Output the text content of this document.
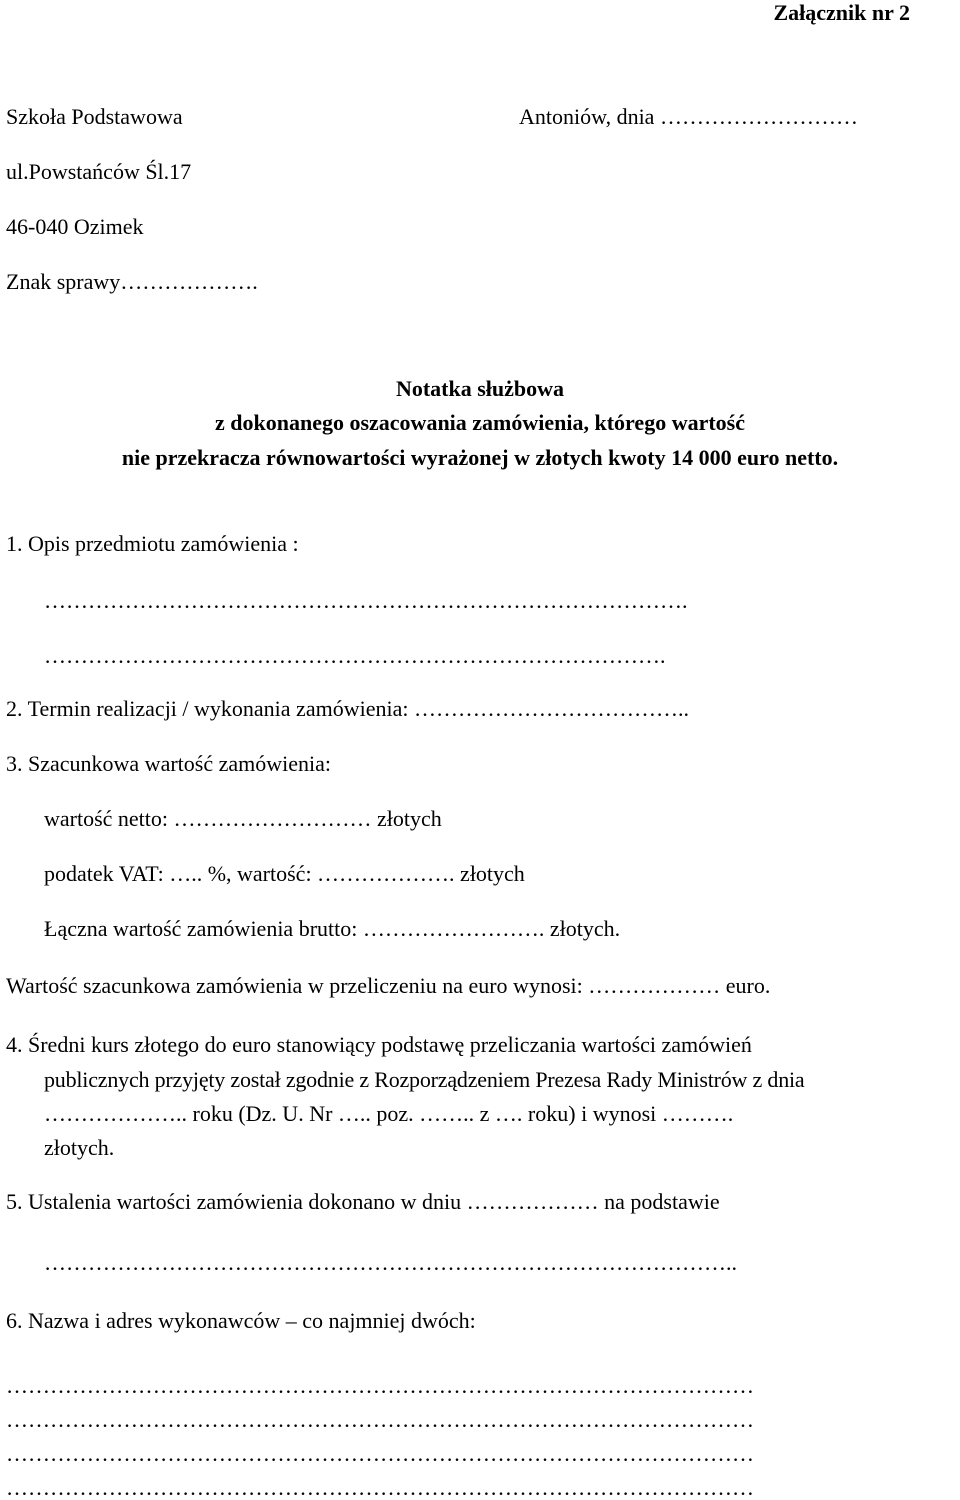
Załącznik nr 2
Szkoła Podstawowa	Antoniów, dnia ………………………
ul.Powstańców Śl.17
46-040 Ozimek
Znak sprawy……………….
Notatka służbowa
z dokonanego oszacowania zamówienia, którego wartość
nie przekracza równowartości wyrażonej w złotych kwoty 14 000 euro netto.
1. Opis przedmiotu zamówienia :
…………………………………………………………………………….
………………………………………………………………………….
2. Termin realizacji / wykonania zamówienia: ………………………………..
3. Szacunkowa wartość zamówienia:
wartość netto: ……………………… złotych
podatek VAT: ….. %, wartość: ………………. złotych
Łączna wartość zamówienia brutto: ……………………. złotych.
Wartość szacunkowa zamówienia w przeliczeniu na euro wynosi: ……………… euro.
4. Średni kurs złotego do euro stanowiący podstawę przeliczania wartości zamówień
publicznych przyjęty został zgodnie z Rozporządzeniem Prezesa Rady Ministrów z dnia
……………….. roku (Dz. U. Nr ….. poz. …….. z …. roku) i wynosi ……….
złotych.
5. Ustalenia wartości zamówienia dokonano w dniu ……………… na podstawie
…………………………………………………………………………………..
6. Nazwa i adres wykonawców – co najmniej dwóch:
…………………………………………………………………………………………
…………………………………………………………………………………………
…………………………………………………………………………………………
…………………………………………………………………………………………
